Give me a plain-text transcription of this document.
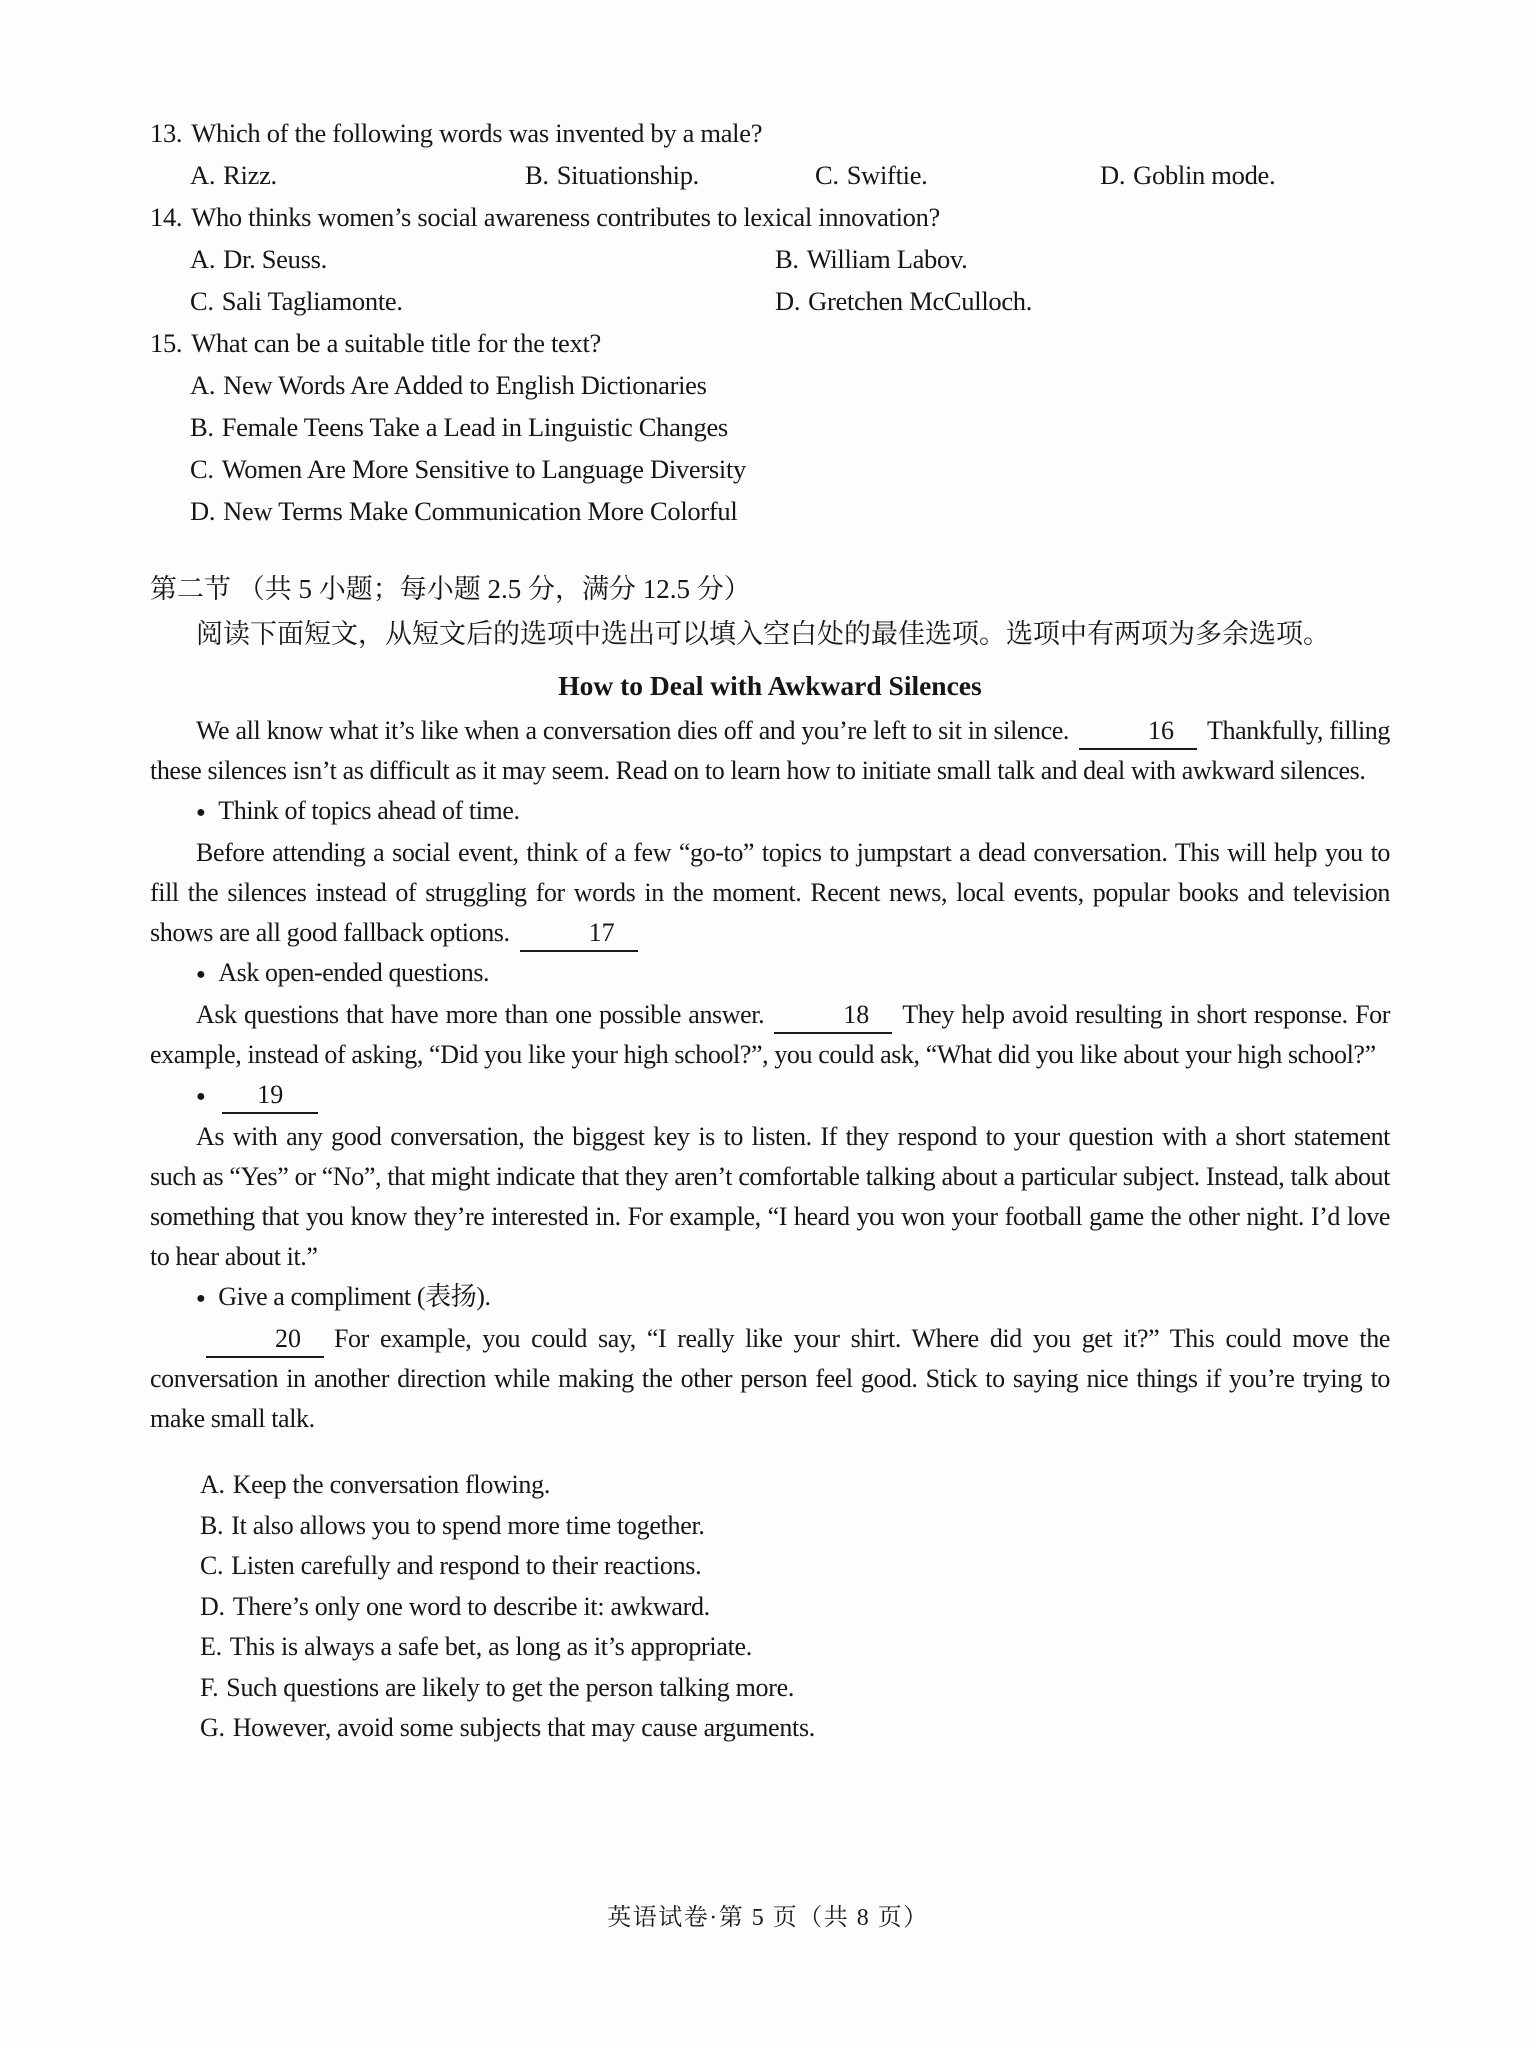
13. Which of the following words was invented by a male?
A. Rizz.	B. Situationship.	C. Swiftie.	D. Goblin mode.
14. Who thinks women’s social awareness contributes to lexical innovation?
A. Dr. Seuss.	B. William Labov.
C. Sali Tagliamonte.	D. Gretchen McCulloch.
15. What can be a suitable title for the text?
A. New Words Are Added to English Dictionaries
B. Female Teens Take a Lead in Linguistic Changes
C. Women Are More Sensitive to Language Diversity
D. New Terms Make Communication More Colorful
第二节 （共 5 小题；每小题 2.5 分，满分 12.5 分）

阅读下面短文，从短文后的选项中选出可以填入空白处的最佳选项。选项中有两项为多余选项。

How to Deal with Awkward Silences

We all know what it’s like when a conversation dies off and you’re left to sit in silence.	16 Thankfully, filling these silences isn’t as difficult as it may seem. Read on to learn how to initiate small talk and deal with awkward silences.

● Think of topics ahead of time.

Before attending a social event, think of a few “go-to” topics to jumpstart a dead conversation. This will help you to fill the silences instead of struggling for words in the moment. Recent news, local events, popular books and television shows are all good fallback options.	17

● Ask open-ended questions.

Ask questions that have more than one possible answer.	18 They help avoid resulting in short response. For example, instead of asking, “Did you like your high school?”, you could ask, “What did you like about your high school?”

● 19

As with any good conversation, the biggest key is to listen. If they respond to your question with a short statement such as “Yes” or “No”, that might indicate that they aren’t comfortable talking about a particular subject. Instead, talk about something that you know they’re interested in. For example, “I heard you won your football game the other night. I’d love to hear about it.”

● Give a compliment (表扬).

20 For example, you could say, “I really like your shirt. Where did you get it?” This could move the conversation in another direction while making the other person feel good. Stick to saying nice things if you’re trying to make small talk.

A. Keep the conversation flowing.
B. It also allows you to spend more time together.
C. Listen carefully and respond to their reactions.
D. There’s only one word to describe it: awkward.
E. This is always a safe bet, as long as it’s appropriate.
F. Such questions are likely to get the person talking more.
G. However, avoid some subjects that may cause arguments.
英语试卷·第 5 页（共 8 页）
